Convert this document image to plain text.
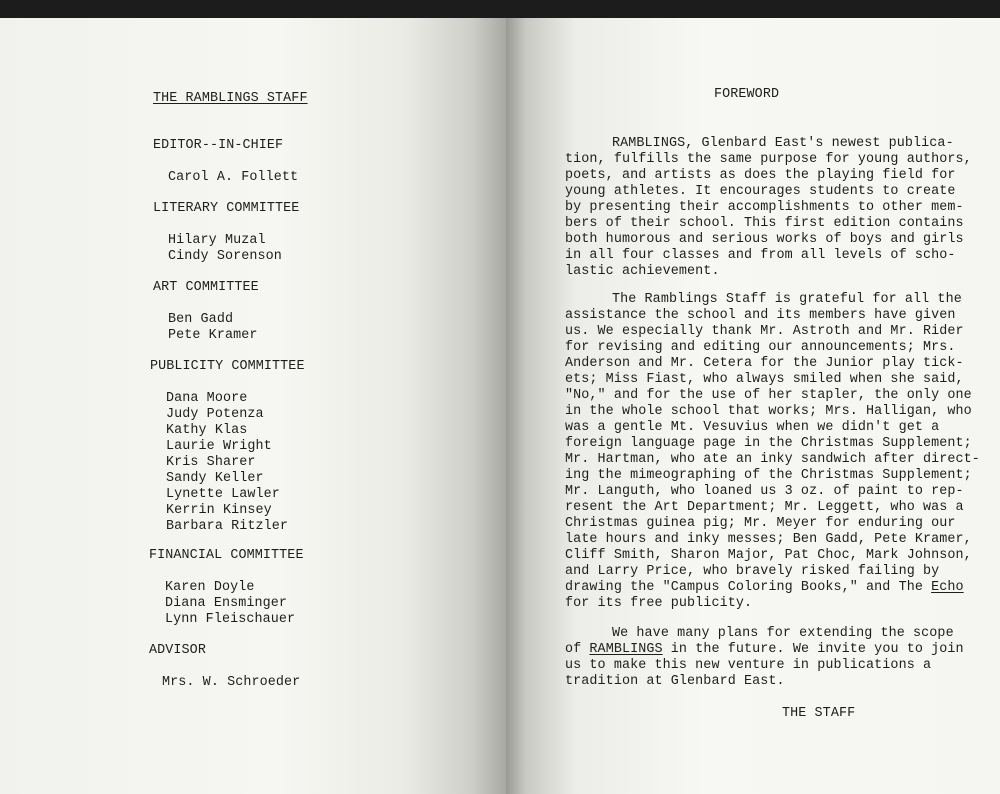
THE RAMBLINGS STAFF
EDITOR--IN-CHIEF
Carol A. Follett
LITERARY COMMITTEE
Hilary Muzal
Cindy Sorenson
ART COMMITTEE
Ben Gadd
Pete Kramer
PUBLICITY COMMITTEE
Dana Moore
Judy Potenza
Kathy Klas
Laurie Wright
Kris Sharer
Sandy Keller
Lynette Lawler
Kerrin Kinsey
Barbara Ritzler
FINANCIAL COMMITTEE
Karen Doyle
Diana Ensminger
Lynn Fleischauer
ADVISOR
Mrs. W. Schroeder
FOREWORD
RAMBLINGS, Glenbard East's newest publica-
tion, fulfills the same purpose for young authors,
poets, and artists as does the playing field for
young athletes. It encourages students to create
by presenting their accomplishments to other mem-
bers of their school. This first edition contains
both humorous and serious works of boys and girls
in all four classes and from all levels of scho-
lastic achievement.
The Ramblings Staff is grateful for all the
assistance the school and its members have given
us. We especially thank Mr. Astroth and Mr. Rider
for revising and editing our announcements; Mrs.
Anderson and Mr. Cetera for the Junior play tick-
ets; Miss Fiast, who always smiled when she said,
"No," and for the use of her stapler, the only one
in the whole school that works; Mrs. Halligan, who
was a gentle Mt. Vesuvius when we didn't get a
foreign language page in the Christmas Supplement;
Mr. Hartman, who ate an inky sandwich after direct-
ing the mimeographing of the Christmas Supplement;
Mr. Languth, who loaned us 3 oz. of paint to rep-
resent the Art Department; Mr. Leggett, who was a
Christmas guinea pig; Mr. Meyer for enduring our
late hours and inky messes; Ben Gadd, Pete Kramer,
Cliff Smith, Sharon Major, Pat Choc, Mark Johnson,
and Larry Price, who bravely risked failing by
drawing the "Campus Coloring Books," and The Echo
for its free publicity.
We have many plans for extending the scope
of RAMBLINGS in the future. We invite you to join
us to make this new venture in publications a
tradition at Glenbard East.
THE STAFF
